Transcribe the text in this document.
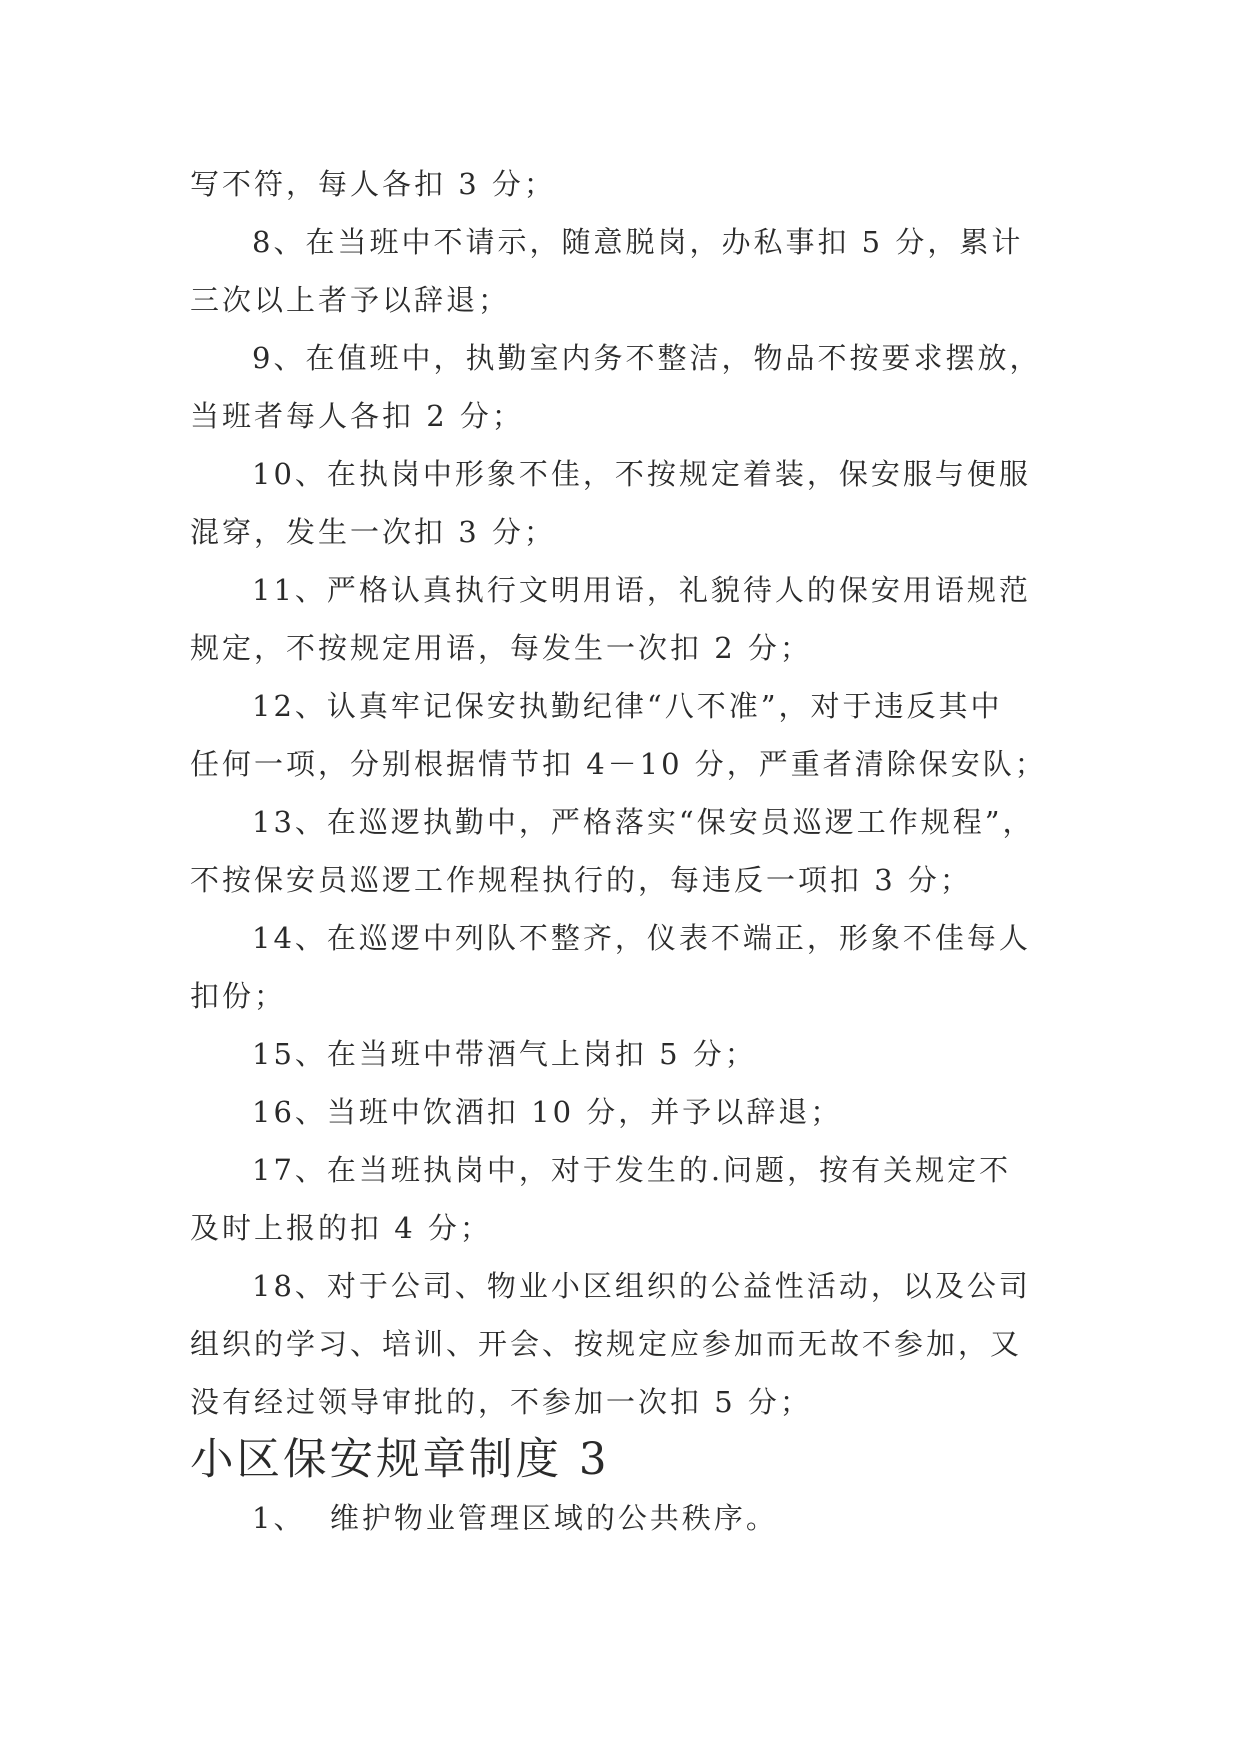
写不符，每人各扣 3 分；

8、在当班中不请示，随意脱岗，办私事扣 5 分，累计
三次以上者予以辞退；

9、在值班中，执勤室内务不整洁，物品不按要求摆放，
当班者每人各扣 2 分；

10、在执岗中形象不佳，不按规定着装，保安服与便服
混穿，发生一次扣 3 分；

11、严格认真执行文明用语，礼貌待人的保安用语规范
规定，不按规定用语，每发生一次扣 2 分；

12、认真牢记保安执勤纪律“八不准”，对于违反其中
任何一项，分别根据情节扣 4－10 分，严重者清除保安队；

13、在巡逻执勤中，严格落实“保安员巡逻工作规程”，
不按保安员巡逻工作规程执行的，每违反一项扣 3 分；

14、在巡逻中列队不整齐，仪表不端正，形象不佳每人
扣份；

15、在当班中带酒气上岗扣 5 分；

16、当班中饮酒扣 10 分，并予以辞退；

17、在当班执岗中，对于发生的.问题，按有关规定不
及时上报的扣 4 分；

18、对于公司、物业小区组织的公益性活动，以及公司
组织的学习、培训、开会、按规定应参加而无故不参加，又
没有经过领导审批的，不参加一次扣 5 分；

小区保安规章制度 3

1、  维护物业管理区域的公共秩序。
